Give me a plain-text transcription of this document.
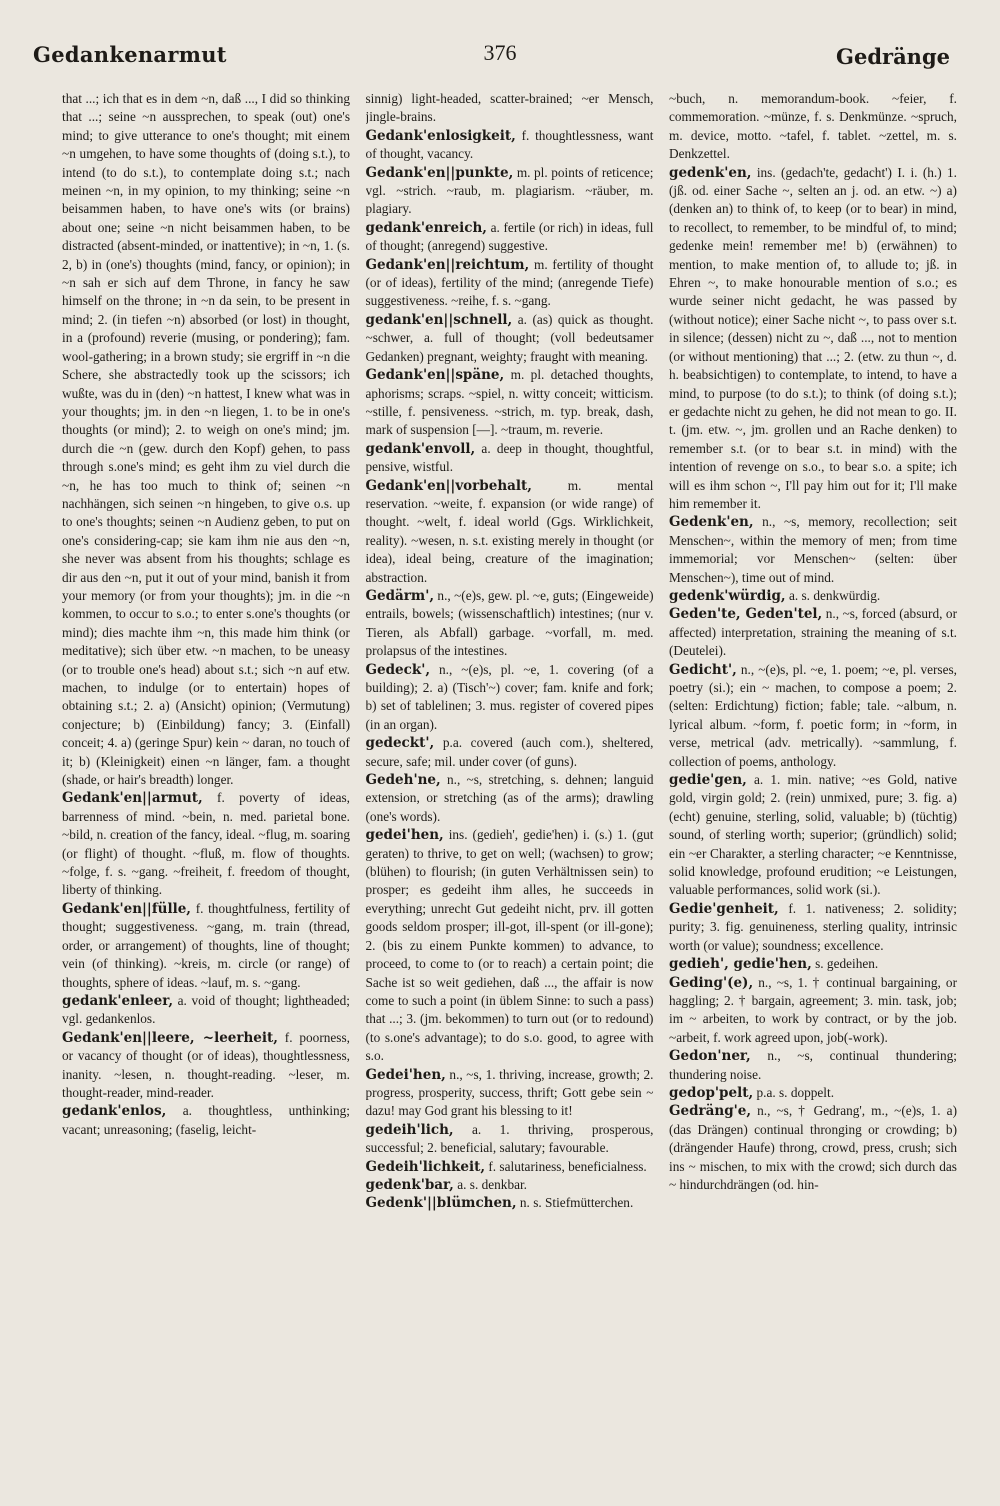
Gedankenarmut	376	Gedränge

that ...; ich that es in dem ~n, daß ..., I did so thinking that ...; seine ~n aussprechen, to speak (out) one's mind; to give utterance to one's thought; mit einem ~n umgehen, to have some thoughts of (doing s.t.), to intend (to do s.t.), to contemplate doing s.t.; nach meinen ~n, in my opinion, to my thinking; seine ~n beisammen haben, to have one's wits (or brains) about one; seine ~n nicht beisammen haben, to be distracted (absent-minded, or inattentive); in ~n, 1. (s. 2, b) in (one's) thoughts (mind, fancy, or opinion); in ~n sah er sich auf dem Throne, in fancy he saw himself on the throne; in ~n da sein, to be present in mind; 2. (in tiefen ~n) absorbed (or lost) in thought, in a (profound) reverie (musing, or pondering); fam. wool-gathering; in a brown study; sie ergriff in ~n die Schere, she abstractedly took up the scissors; ich wußte, was du in (den) ~n hattest, I knew what was in your thoughts; jm. in den ~n liegen, 1. to be in one's thoughts (or mind); 2. to weigh on one's mind; jm. durch die ~n (gew. durch den Kopf) gehen, to pass through s.one's mind; es geht ihm zu viel durch die ~n, he has too much to think of; seinen ~n nachhängen, sich seinen ~n hingeben, to give o.s. up to one's thoughts; seinen ~n Audienz geben, to put on one's considering-cap; sie kam ihm nie aus den ~n, she never was absent from his thoughts; schlage es dir aus den ~n, put it out of your mind, banish it from your memory (or from your thoughts); jm. in die ~n kommen, to occur to s.o.; to enter s.one's thoughts (or mind); dies machte ihm ~n, this made him think (or meditative); sich über etw. ~n machen, to be uneasy (or to trouble one's head) about s.t.; sich ~n auf etw. machen, to indulge (or to entertain) hopes of obtaining s.t.; 2. a) (Ansicht) opinion; (Vermutung) conjecture; b) (Einbildung) fancy; 3. (Einfall) conceit; 4. a) (geringe Spur) kein ~ daran, no touch of it; b) (Kleinigkeit) einen ~n länger, fam. a thought (shade, or hair's breadth) longer.

Gedank'en||armut, f. poverty of ideas, barrenness of mind. ~bein, n. med. parietal bone. ~bild, n. creation of the fancy, ideal. ~flug, m. soaring (or flight) of thought. ~fluß, m. flow of thoughts. ~folge, f. s. ~gang. ~freiheit, f. freedom of thought, liberty of thinking.

Gedank'en||fülle, f. thoughtfulness, fertility of thought; suggestiveness. ~gang, m. train (thread, order, or arrangement) of thoughts, line of thought; vein (of thinking). ~kreis, m. circle (or range) of thoughts, sphere of ideas. ~lauf, m. s. ~gang.

gedank'enleer, a. void of thought; lightheaded; vgl. gedankenlos.

Gedank'en||leere, ~leerheit, f. poorness, or vacancy of thought (or of ideas), thoughtlessness, inanity. ~lesen, n. thought-reading. ~leser, m. thought-reader, mind-reader.

gedank'enlos, a. thoughtless, unthinking; vacant; unreasoning; (faselig, leicht-

sinnig) light-headed, scatter-brained; ~er Mensch, jingle-brains.

Gedank'enlosigkeit, f. thoughtlessness, want of thought, vacancy.

Gedank'en||punkte, m. pl. points of reticence; vgl. ~strich. ~raub, m. plagiarism. ~räuber, m. plagiary.

gedank'enreich, a. fertile (or rich) in ideas, full of thought; (anregend) suggestive.

Gedank'en||reichtum, m. fertility of thought (or of ideas), fertility of the mind; (anregende Tiefe) suggestiveness. ~reihe, f. s. ~gang.

gedank'en||schnell, a. (as) quick as thought. ~schwer, a. full of thought; (voll bedeutsamer Gedanken) pregnant, weighty; fraught with meaning.

Gedank'en||späne, m. pl. detached thoughts, aphorisms; scraps. ~spiel, n. witty conceit; witticism. ~stille, f. pensiveness. ~strich, m. typ. break, dash, mark of suspension [—]. ~traum, m. reverie.

gedank'envoll, a. deep in thought, thoughtful, pensive, wistful.

Gedank'en||vorbehalt,	m. mental reservation. ~weite, f. expansion (or wide range) of thought. ~welt, f. ideal world (Ggs. Wirklichkeit, reality). ~wesen, n. s.t. existing merely in thought (or idea), ideal being, creature of the imagination; abstraction.

Gedärm', n., ~(e)s, gew. pl. ~e, guts; (Eingeweide) entrails, bowels; (wissenschaftlich) intestines; (nur v. Tieren, als Abfall) garbage. ~vorfall, m. med. prolapsus of the intestines.

Gedeck', n., ~(e)s, pl. ~e, 1. covering (of a building); 2. a) (Tisch'~) cover; fam. knife and fork; b) set of tablelinen; 3. mus. register of covered pipes (in an organ).

gedeckt', p.a. covered (auch com.), sheltered, secure, safe; mil. under cover (of guns).

Gedeh'ne, n., ~s, stretching, s. dehnen; languid extension, or stretching (as of the arms); drawling (one's words).

gedei'hen, ins. (gedieh', gedie'hen) i. (s.) 1. (gut geraten) to thrive, to get on well; (wachsen) to grow; (blühen) to flourish; (in guten Verhältnissen sein) to prosper; es gedeiht ihm alles, he succeeds in everything; unrecht Gut gedeiht nicht, prv. ill gotten goods seldom prosper; ill-got, ill-spent (or ill-gone); 2. (bis zu einem Punkte kommen) to advance, to proceed, to come to (or to reach) a certain point; die Sache ist so weit gediehen, daß ..., the affair is now come to such a point (in üblem Sinne: to such a pass) that ...; 3. (jm. bekommen) to turn out (or to redound) (to s.one's advantage); to do s.o. good, to agree with s.o.

Gedei'hen, n., ~s, 1. thriving, increase, growth; 2. progress, prosperity, success, thrift; Gott gebe sein ~ dazu! may God grant his blessing to it!

gedeih'lich, a. 1. thriving, prosperous, successful; 2. beneficial, salutary; favourable.

Gedeih'lichkeit, f. salutariness, beneficialness.

gedenk'bar, a. s. denkbar.

Gedenk'||blümchen, n. s. Stiefmütterchen.

~buch, n. memorandum-book. ~feier, f. commemoration. ~münze, f. s. Denkmünze. ~spruch, m. device, motto. ~tafel, f. tablet. ~zettel, m. s. Denkzettel.

gedenk'en, ins. (gedach'te, gedacht') I. i. (h.) 1. (jß. od. einer Sache ~, selten an j. od. an etw. ~) a) (denken an) to think of, to keep (or to bear) in mind, to recollect, to remember, to be mindful of, to mind; gedenke mein! remember me! b) (erwähnen) to mention, to make mention of, to allude to; jß. in Ehren ~, to make honourable mention of s.o.; es wurde seiner nicht gedacht, he was passed by (without notice); einer Sache nicht ~, to pass over s.t. in silence; (dessen) nicht zu ~, daß ..., not to mention (or without mentioning) that ...; 2. (etw. zu thun ~, d. h. beabsichtigen) to contemplate, to intend, to have a mind, to purpose (to do s.t.); to think (of doing s.t.); er gedachte nicht zu gehen, he did not mean to go. II. t. (jm. etw. ~, jm. grollen und an Rache denken) to remember s.t. (or to bear s.t. in mind) with the intention of revenge on s.o., to bear s.o. a spite; ich will es ihm schon ~, I'll pay him out for it; I'll make him remember it.

Gedenk'en, n., ~s, memory, recollection; seit Menschen~, within the memory of men; from time immemorial; vor Menschen~ (selten: über Menschen~), time out of mind.

gedenk'würdig, a. s. denkwürdig.

Geden'te, Geden'tel, n., ~s, forced (absurd, or affected) interpretation, straining the meaning of s.t. (Deutelei).

Gedicht', n., ~(e)s, pl. ~e, 1. poem; ~e, pl. verses, poetry (si.); ein ~ machen, to compose a poem; 2. (selten: Erdichtung) fiction; fable; tale. ~album, n. lyrical album. ~form, f. poetic form; in ~form, in verse, metrical (adv. metrically). ~sammlung, f. collection of poems, anthology.

gedie'gen, a. 1. min. native; ~es Gold, native gold, virgin gold; 2. (rein) unmixed, pure; 3. fig. a) (echt) genuine, sterling, solid, valuable; b) (tüchtig) sound, of sterling worth; superior; (gründlich) solid; ein ~er Charakter, a sterling character; ~e Kenntnisse, solid knowledge, profound erudition; ~e Leistungen, valuable performances, solid work (si.).

Gedie'genheit, f. 1. nativeness; 2. solidity; purity; 3. fig. genuineness, sterling quality, intrinsic worth (or value); soundness; excellence.

gedieh', gedie'hen, s. gedeihen.

Geding'(e), n., ~s, 1. † continual bargaining, or haggling; 2. † bargain, agreement; 3. min. task, job; im ~ arbeiten, to work by contract, or by the job. ~arbeit, f. work agreed upon, job(-work).

Gedon'ner, n., ~s, continual thundering; thundering noise.

gedop'pelt, p.a. s. doppelt.

Gedräng'e, n., ~s, † Gedrang', m., ~(e)s, 1. a) (das Drängen) continual thronging or crowding; b) (drängender Haufe) throng, crowd, press, crush; sich ins ~ mischen, to mix with the crowd; sich durch das ~ hindurchdrängen (od. hin-
